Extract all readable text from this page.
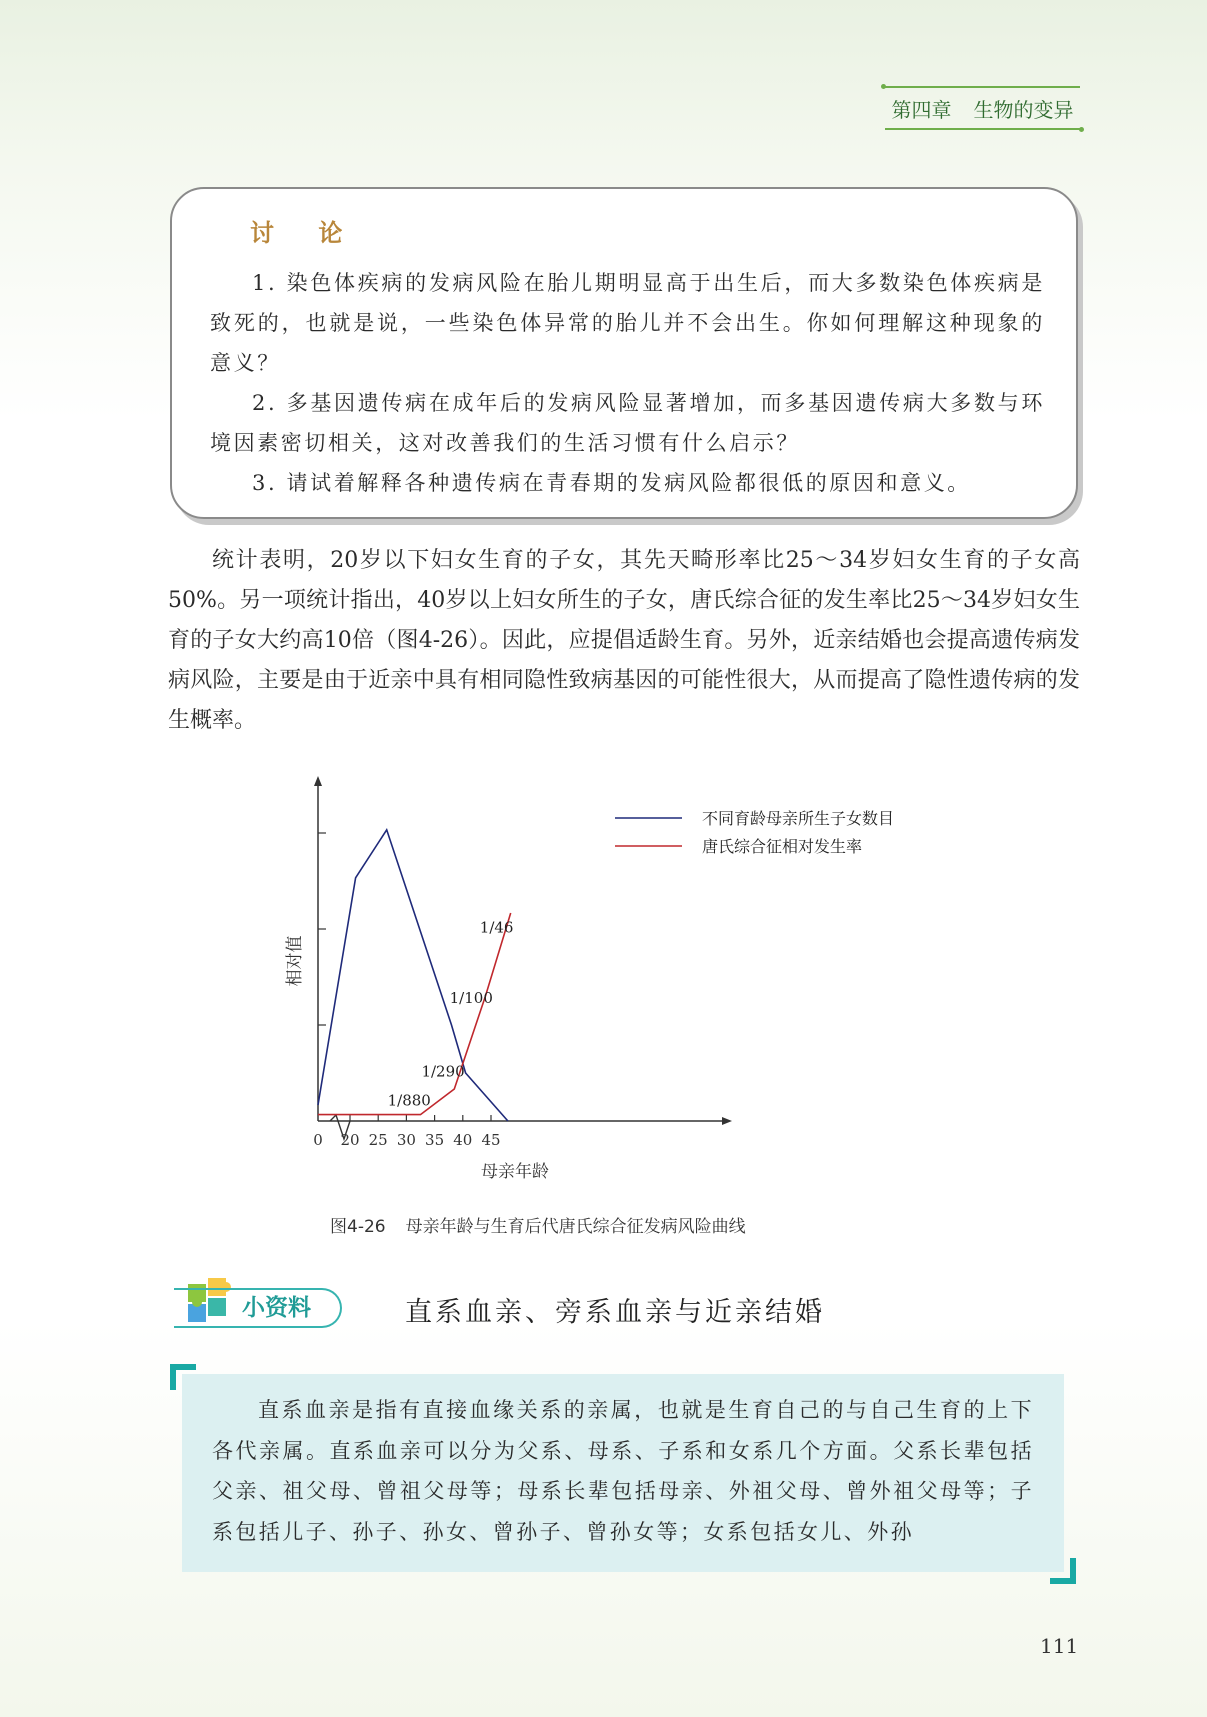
第四章 生物的变异
讨 论

1. 染色体疾病的发病风险在胎儿期明显高于出生后，而大多数染色体疾病是致死的，也就是说，一些染色体异常的胎儿并不会出生。你如何理解这种现象的意义？

2. 多基因遗传病在成年后的发病风险显著增加，而多基因遗传病大多数与环境因素密切相关，这对改善我们的生活习惯有什么启示？

3. 请试着解释各种遗传病在青春期的发病风险都很低的原因和意义。

统计表明，20岁以下妇女生育的子女，其先天畸形率比25～34岁妇女生育的子女高50%。另一项统计指出，40岁以上妇女所生的子女，唐氏综合征的发生率比25～34岁妇女生育的子女大约高10倍（图4-26）。因此，应提倡适龄生育。另外，近亲结婚也会提高遗传病发病风险，主要是由于近亲中具有相同隐性致病基因的可能性很大，从而提高了隐性遗传病的发生概率。

0 20 25 30 35 40 45
母亲年龄
相对值
1/880
1/290
1/100
1/46
不同育龄母亲所生子女数目
唐氏综合征相对发生率
图4-26 母亲年龄与生育后代唐氏综合征发病风险曲线
小资料	直系血亲、旁系血亲与近亲结婚

直系血亲是指有直接血缘关系的亲属，也就是生育自己的与自己生育的上下各代亲属。直系血亲可以分为父系、母系、子系和女系几个方面。父系长辈包括父亲、祖父母、曾祖父母等；母系长辈包括母亲、外祖父母、曾外祖父母等；子系包括儿子、孙子、孙女、曾孙子、曾孙女等；女系包括女儿、外孙

111
